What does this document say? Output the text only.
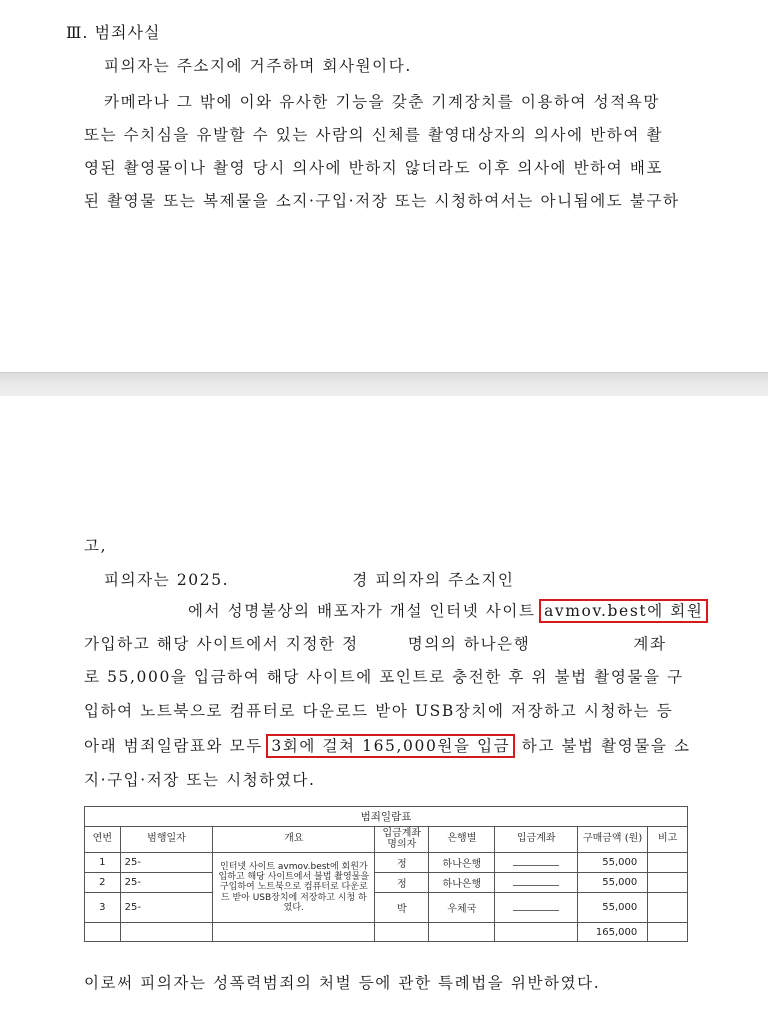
Ⅲ. 범죄사실
피의자는 주소지에 거주하며 회사원이다.
카메라나 그 밖에 이와 유사한 기능을 갖춘 기계장치를 이용하여 성적욕망
또는 수치심을 유발할 수 있는 사람의 신체를 촬영대상자의 의사에 반하여 촬
영된 촬영물이나 촬영 당시 의사에 반하지 않더라도 이후 의사에 반하여 배포
된 촬영물 또는 복제물을 소지·구입·저장 또는 시청하여서는 아니됨에도 불구하
고,
피의자는 2025.	경 피의자의 주소지인
에서 성명불상의 배포자가 개설 인터넷 사이트 avmov.best에 회원
가입하고 해당 사이트에서 지정한 정	명의의 하나은행	계좌
로 55,000을 입금하여 해당 사이트에 포인트로 충전한 후 위 불법 촬영물을 구
입하여 노트북으로 컴퓨터로 다운로드 받아 USB장치에 저장하고 시청하는 등
아래 범죄일람표와 모두 3회에 걸쳐 165,000원을 입금 하고 불법 촬영물을 소
지·구입·저장 또는 시청하였다.
범죄일람표							
연번	범행일자	개요	입금계좌 명의자	은행별	입금계좌	구매금액 (원)	비고
1	25-	인터넷 사이트 avmov.best에 회원가입하고 해당 사이트에서 불법 촬영물을 구입하여 노트북으로 컴퓨터로 다운로드 받아 USB장치에 저장하고 시청 하였다.	정	하나은행		55,000	
2	25-		정	하나은행		55,000	
3	25-		박	우체국		55,000	
						165,000	
이로써 피의자는 성폭력범죄의 처벌 등에 관한 특례법을 위반하였다.
